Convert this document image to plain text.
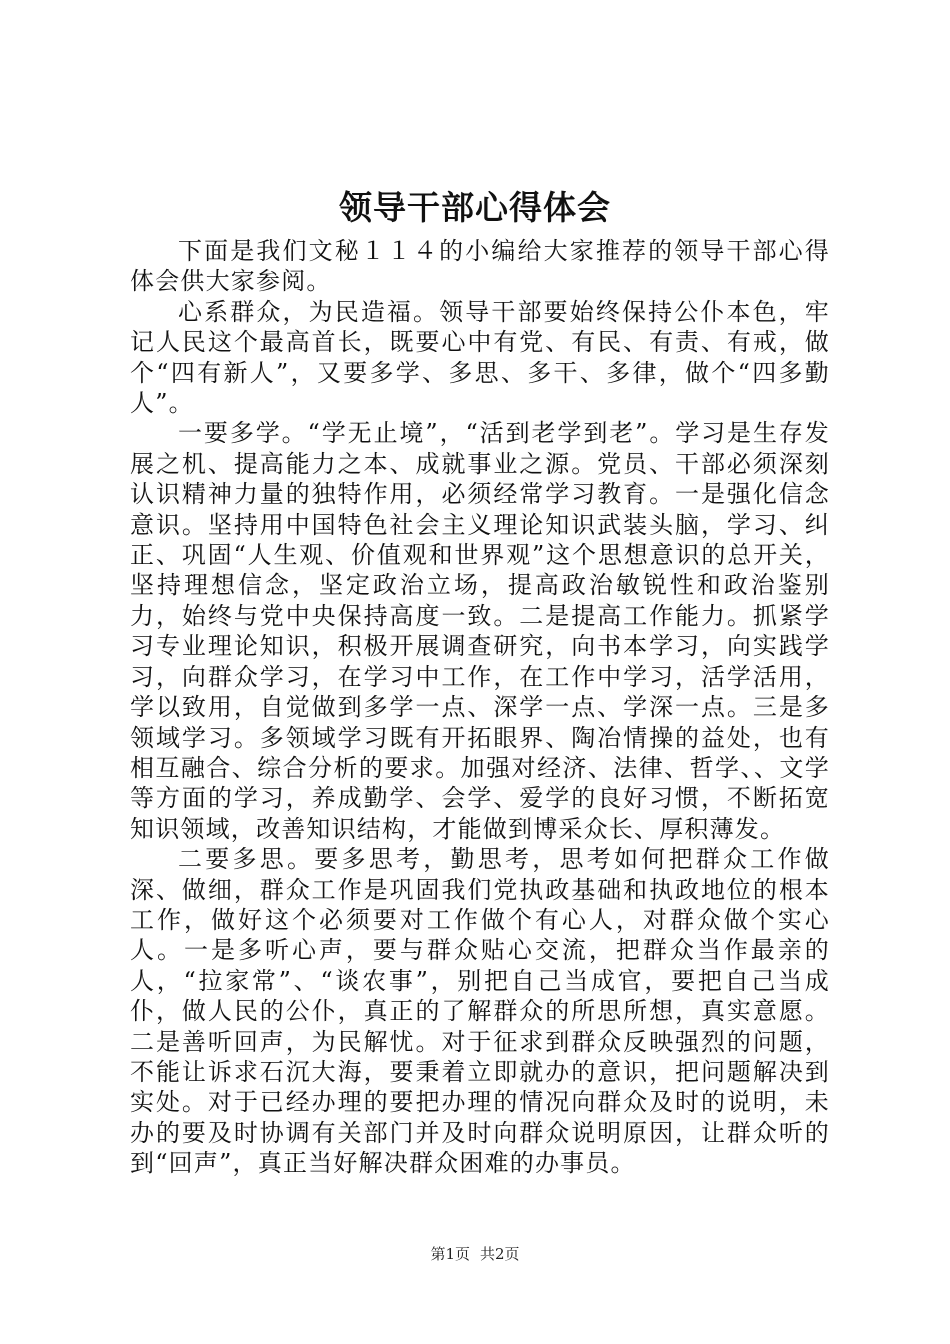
领导干部心得体会

下面是我们文秘１１４的小编给大家推荐的领导干部心得体会供大家参阅。

心系群众，为民造福。领导干部要始终保持公仆本色，牢记人民这个最高首长，既要心中有党、有民、有责、有戒，做个“四有新人”，又要多学、多思、多干、多律，做个“四多勤人”。

一要多学。“学无止境”，“活到老学到老”。学习是生存发展之机、提高能力之本、成就事业之源。党员、干部必须深刻认识精神力量的独特作用，必须经常学习教育。一是强化信念意识。坚持用中国特色社会主义理论知识武装头脑，学习、纠正、巩固“人生观、价值观和世界观”这个思想意识的总开关，坚持理想信念，坚定政治立场，提高政治敏锐性和政治鉴别力，始终与党中央保持高度一致。二是提高工作能力。抓紧学习专业理论知识，积极开展调查研究，向书本学习，向实践学习，向群众学习，在学习中工作，在工作中学习，活学活用，学以致用，自觉做到多学一点、深学一点、学深一点。三是多领域学习。多领域学习既有开拓眼界、陶冶情操的益处，也有相互融合、综合分析的要求。加强对经济、法律、哲学、、文学等方面的学习，养成勤学、会学、爱学的良好习惯，不断拓宽知识领域，改善知识结构，才能做到博采众长、厚积薄发。

二要多思。要多思考，勤思考，思考如何把群众工作做深、做细，群众工作是巩固我们党执政基础和执政地位的根本工作，做好这个必须要对工作做个有心人，对群众做个实心人。一是多听心声，要与群众贴心交流，把群众当作最亲的人，“拉家常”、“谈农事”，别把自己当成官，要把自己当成仆，做人民的公仆，真正的了解群众的所思所想，真实意愿。二是善听回声，为民解忧。对于征求到群众反映强烈的问题，不能让诉求石沉大海，要秉着立即就办的意识，把问题解决到实处。对于已经办理的要把办理的情况向群众及时的说明，未办的要及时协调有关部门并及时向群众说明原因，让群众听的到“回声”，真正当好解决群众困难的办事员。

第1页 共2页
